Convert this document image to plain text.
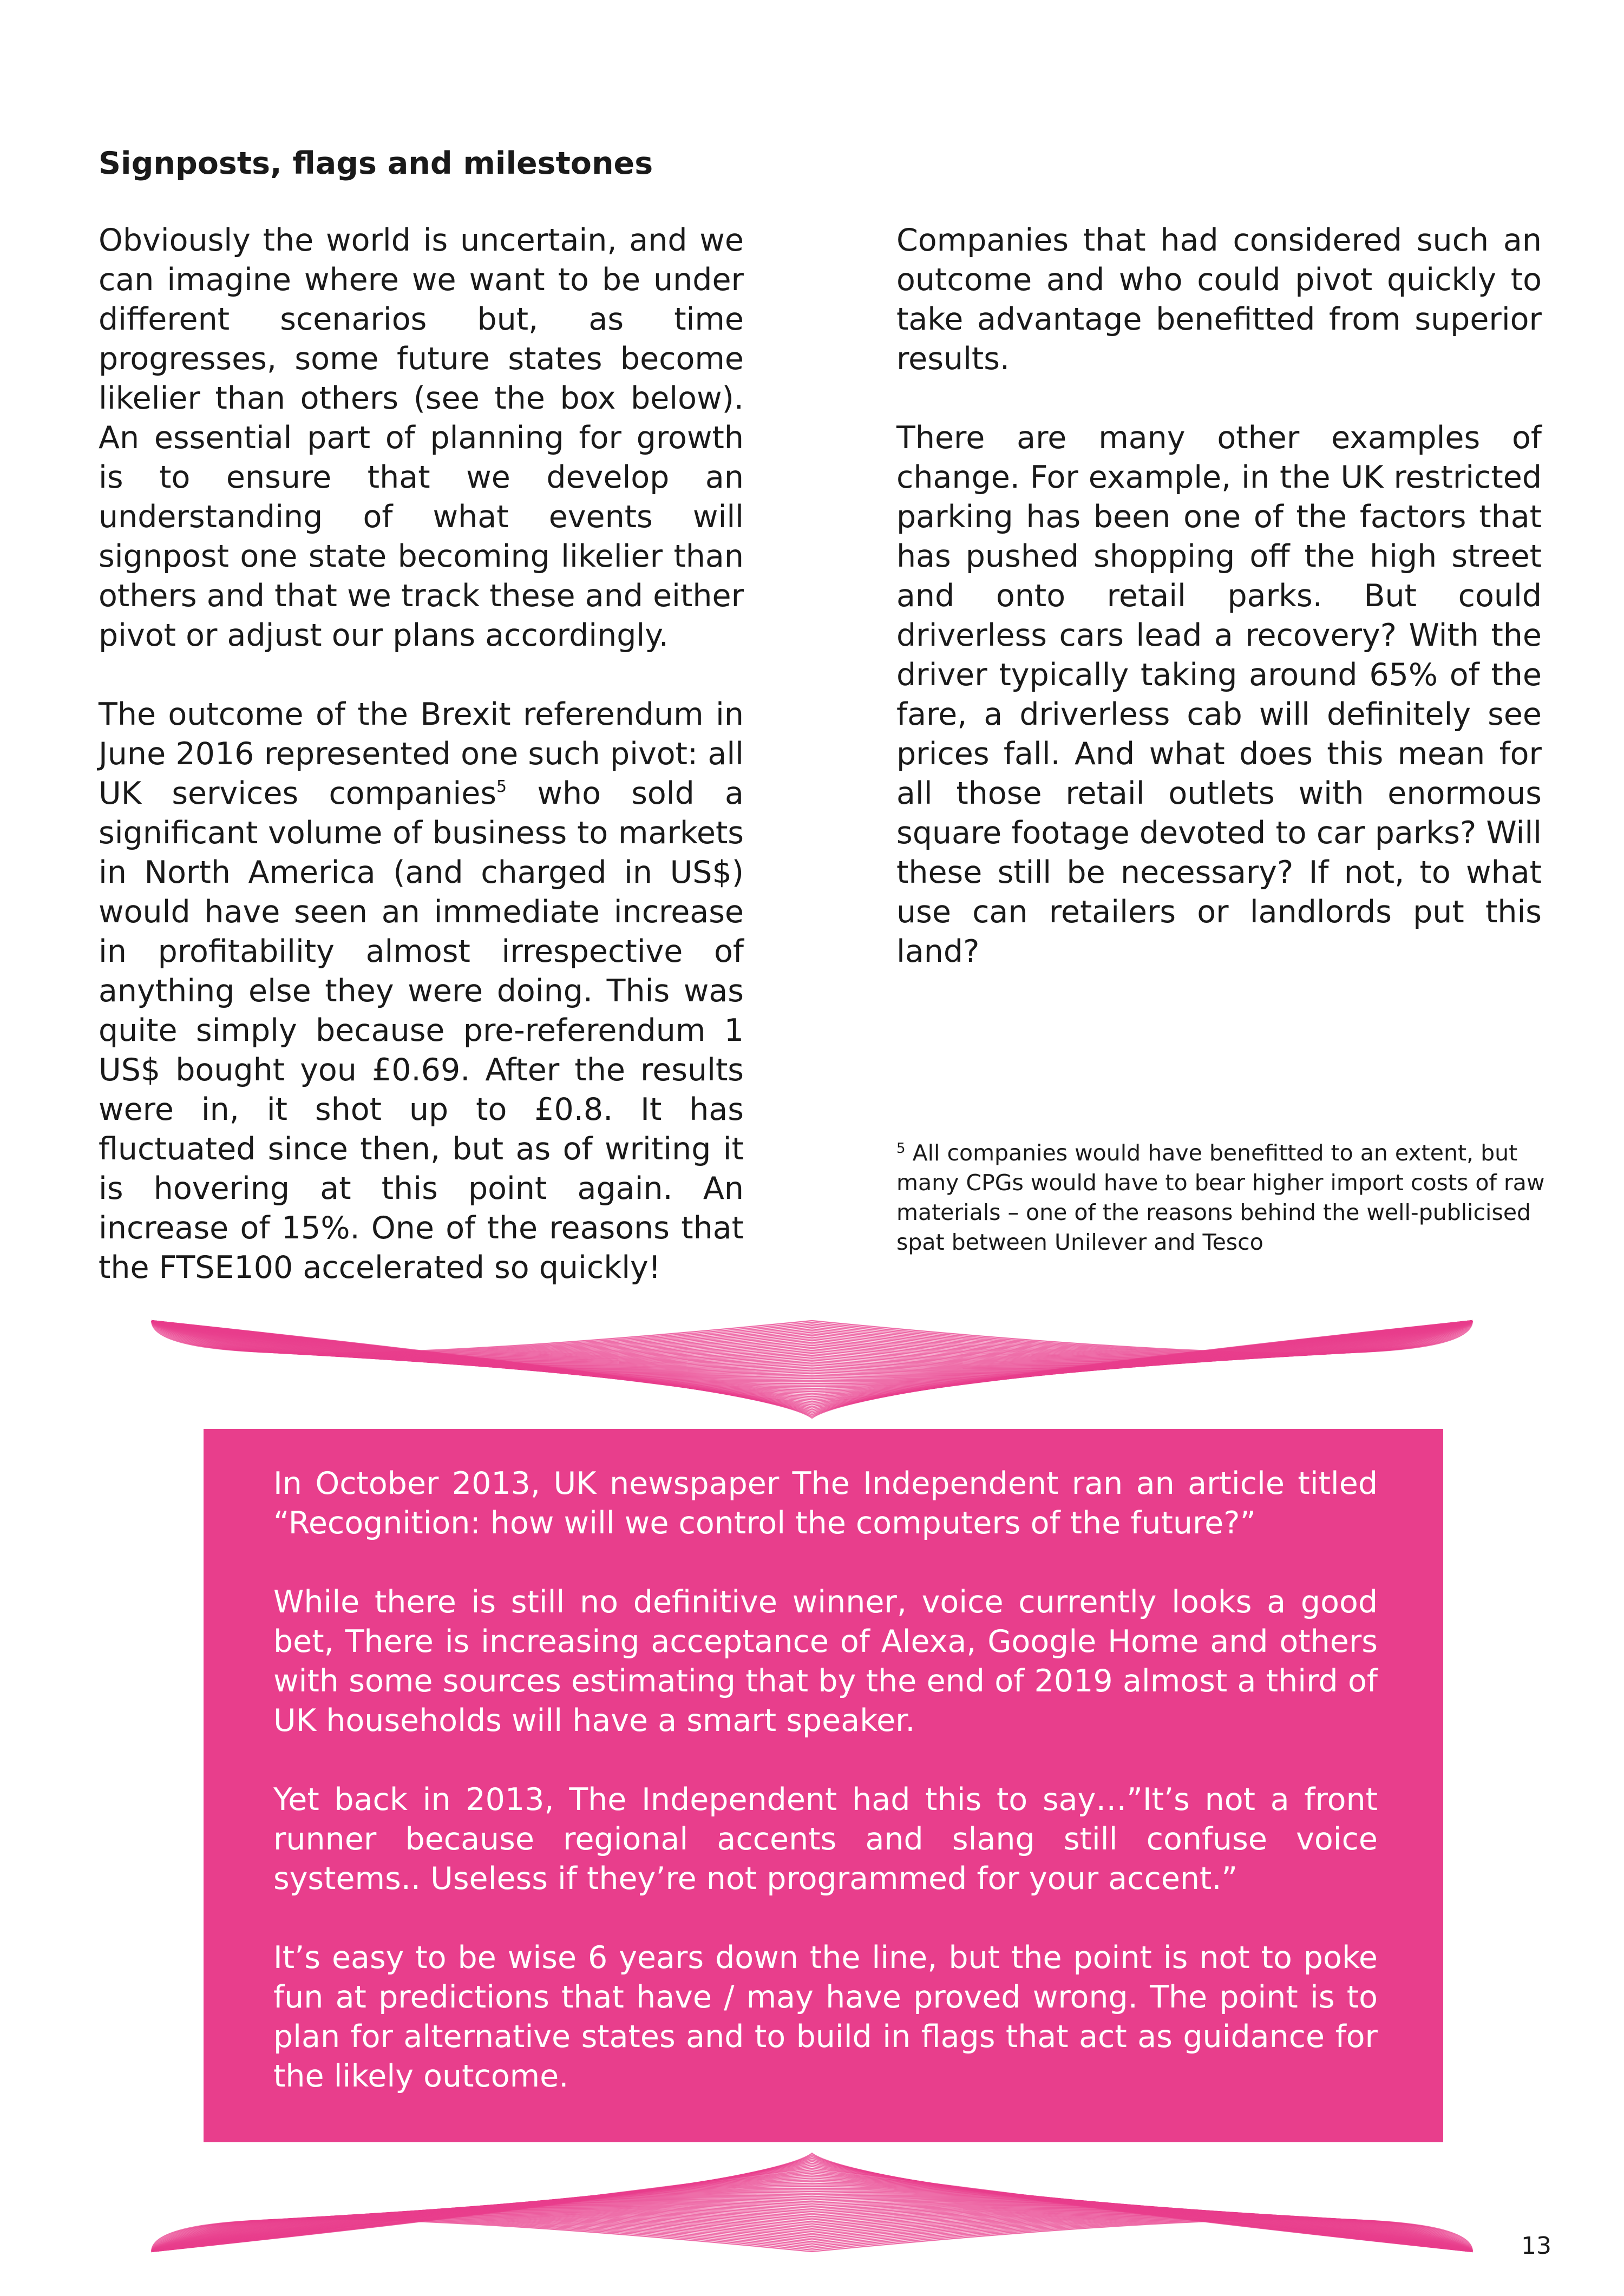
Signposts, flags and milestones

Obviously the world is uncertain, and we can imagine where we want to be under different scenarios but, as time progresses, some future states become likelier than others (see the box below). An essential part of planning for growth is to ensure that we develop an understanding of what events will signpost one state becoming likelier than others and that we track these and either pivot or adjust our plans accordingly.

The outcome of the Brexit referendum in June 2016 represented one such pivot: all UK services companies$^5$ who sold a significant volume of business to markets in North America (and charged in US$) would have seen an immediate increase in profitability almost irrespective of anything else they were doing. This was quite simply because pre-referendum 1 US$ bought you £0.69. After the results were in, it shot up to £0.8. It has fluctuated since then, but as of writing it is hovering at this point again. An increase of 15%. One of the reasons that the FTSE100 accelerated so quickly!

Companies that had considered such an outcome and who could pivot quickly to take advantage benefitted from superior results.

There are many other examples of change. For example, in the UK restricted parking has been one of the factors that has pushed shopping off the high street and onto retail parks. But could driverless cars lead a recovery? With the driver typically taking around 65% of the fare, a driverless cab will definitely see prices fall. And what does this mean for all those retail outlets with enormous square footage devoted to car parks? Will these still be necessary? If not, to what use can retailers or landlords put this land?

$^5$ All companies would have benefitted to an extent, but many CPGs would have to bear higher import costs of raw materials – one of the reasons behind the well-publicised spat between Unilever and Tesco

In October 2013, UK newspaper The Independent ran an article titled “Recognition: how will we control the computers of the future?”

While there is still no definitive winner, voice currently looks a good bet, There is increasing acceptance of Alexa, Google Home and others with some sources estimating that by the end of 2019 almost a third of UK households will have a smart speaker.

Yet back in 2013, The Independent had this to say…”It’s not a front runner because regional accents and slang still confuse voice systems.. Useless if they’re not programmed for your accent.”

It’s easy to be wise 6 years down the line, but the point is not to poke fun at predictions that have / may have proved wrong. The point is to plan for alternative states and to build in flags that act as guidance for the likely outcome.

13
